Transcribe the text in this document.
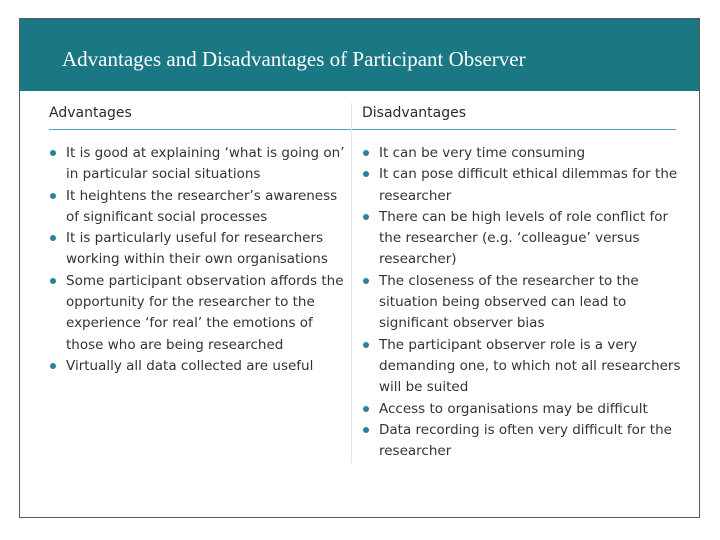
Advantages and Disadvantages of Participant Observer
Advantages	Disadvantages
It is good at explaining ‘what is going on’ in particular social situations
It heightens the researcher’s awareness of significant social processes
It is particularly useful for researchers working within their own organisations
Some participant observation affords the opportunity for the researcher to the experience ‘for real’ the emotions of those who are being researched
Virtually all data collected are useful
It can be very time consuming
It can pose difficult ethical dilemmas for the researcher
There can be high levels of role conflict for the researcher (e.g. ‘colleague’ versus researcher)
The closeness of the researcher to the situation being observed can lead to significant observer bias
The participant observer role is a very demanding one, to which not all researchers will be suited
Access to organisations may be difficult
Data recording is often very difficult for the researcher
